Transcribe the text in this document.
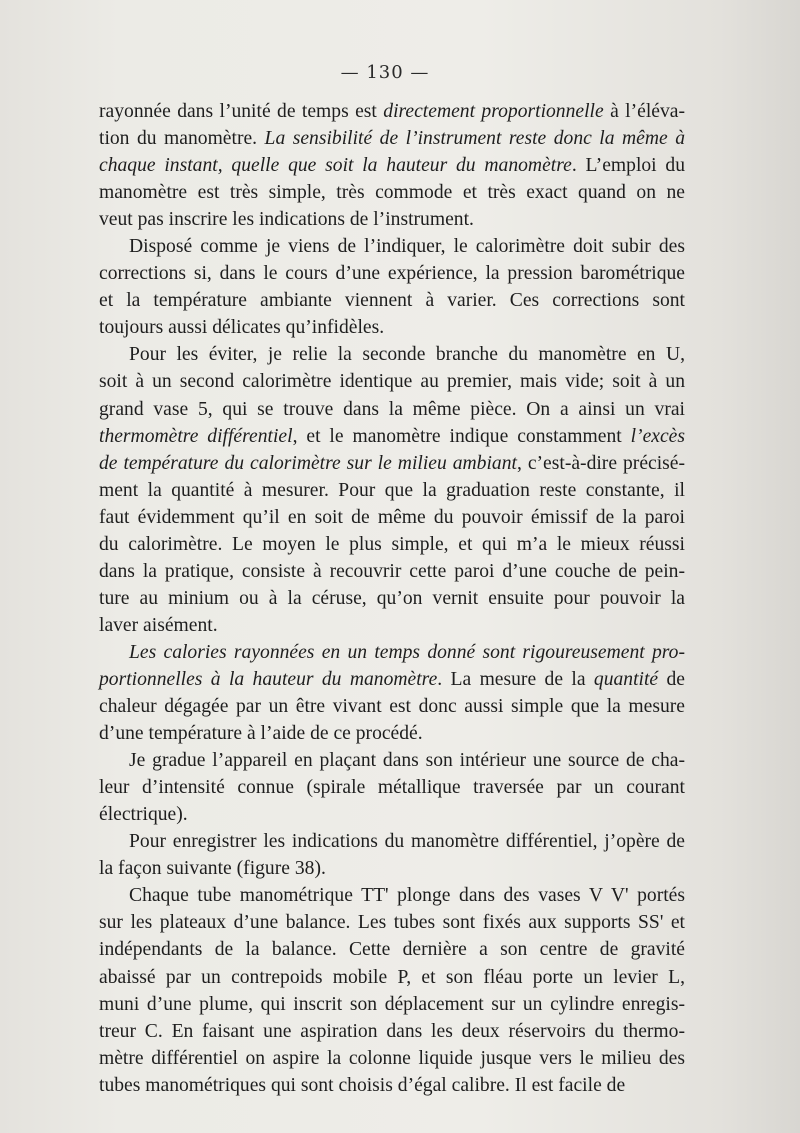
— 130 —
rayonnée dans l’unité de temps est directement proportionnelle à l’éléva-
tion du manomètre. La sensibilité de l’instrument reste donc la même à
chaque instant, quelle que soit la hauteur du manomètre. L’emploi du
manomètre est très simple, très commode et très exact quand on ne
veut pas inscrire les indications de l’instrument.
Disposé comme je viens de l’indiquer, le calorimètre doit subir des
corrections si, dans le cours d’une expérience, la pression barométrique
et la température ambiante viennent à varier. Ces corrections sont
toujours aussi délicates qu’infidèles.
Pour les éviter, je relie la seconde branche du manomètre en U,
soit à un second calorimètre identique au premier, mais vide; soit à un
grand vase 5, qui se trouve dans la même pièce. On a ainsi un vrai
thermomètre différentiel, et le manomètre indique constamment l’excès
de température du calorimètre sur le milieu ambiant, c’est-à-dire précisé-
ment la quantité à mesurer. Pour que la graduation reste constante, il
faut évidemment qu’il en soit de même du pouvoir émissif de la paroi
du calorimètre. Le moyen le plus simple, et qui m’a le mieux réussi
dans la pratique, consiste à recouvrir cette paroi d’une couche de pein-
ture au minium ou à la céruse, qu’on vernit ensuite pour pouvoir la
laver aisément.
Les calories rayonnées en un temps donné sont rigoureusement pro-
portionnelles à la hauteur du manomètre. La mesure de la quantité de
chaleur dégagée par un être vivant est donc aussi simple que la mesure
d’une température à l’aide de ce procédé.
Je gradue l’appareil en plaçant dans son intérieur une source de cha-
leur d’intensité connue (spirale métallique traversée par un courant
électrique).
Pour enregistrer les indications du manomètre différentiel, j’opère de
la façon suivante (figure 38).
Chaque tube manométrique TT' plonge dans des vases V V' portés
sur les plateaux d’une balance. Les tubes sont fixés aux supports SS' et
indépendants de la balance. Cette dernière a son centre de gravité
abaissé par un contrepoids mobile P, et son fléau porte un levier L,
muni d’une plume, qui inscrit son déplacement sur un cylindre enregis-
treur C. En faisant une aspiration dans les deux réservoirs du thermo-
mètre différentiel on aspire la colonne liquide jusque vers le milieu des
tubes manométriques qui sont choisis d’égal calibre. Il est facile de
